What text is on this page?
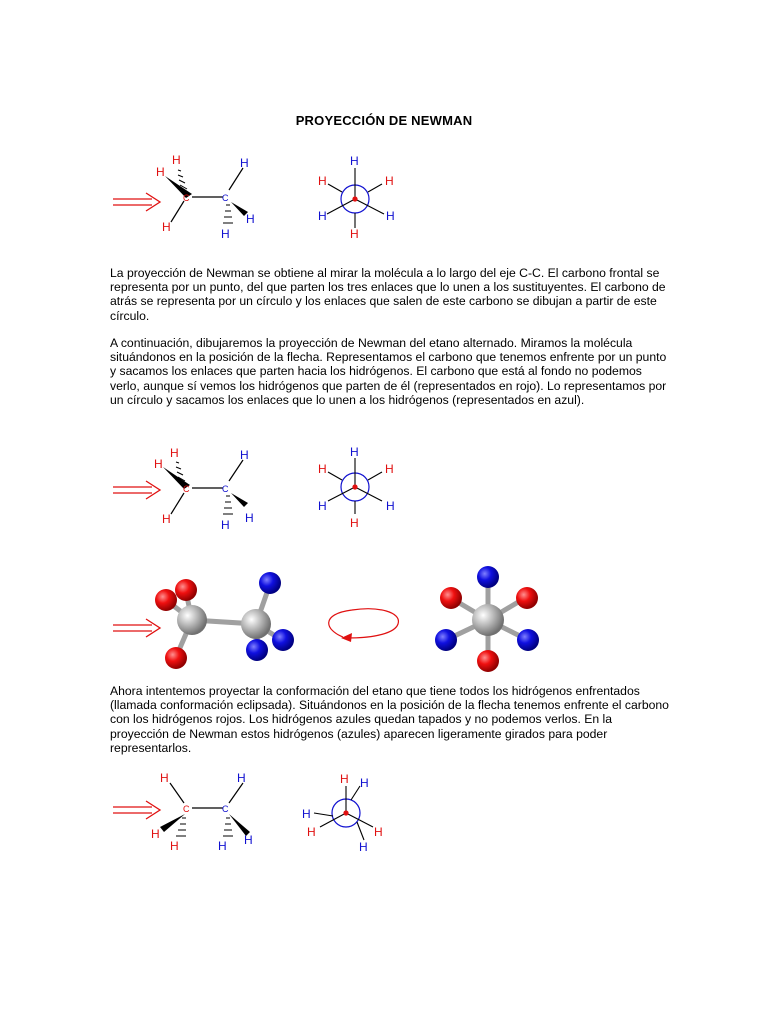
PROYECCIÓN DE NEWMAN
H
H
H
C	C
H
H
H
H
H	H
H	H
H

La proyección de Newman se obtiene al mirar la molécula a lo largo del eje C-C. El carbono frontal se representa por un punto, del que parten los tres enlaces que lo unen a los sustituyentes. El carbono de atrás se representa por un círculo y los enlaces que salen de este carbono se dibujan a partir de este círculo.

A continuación, dibujaremos la proyección de Newman del etano alternado. Miramos la molécula situándonos en la posición de la flecha. Representamos el carbono que tenemos enfrente por un punto y sacamos los enlaces que parten hacia los hidrógenos. El carbono que está al fondo no podemos verlo, aunque sí vemos los hidrógenos que parten de él (representados en rojo). Lo representamos por un círculo y sacamos los enlaces que lo unen a los hidrógenos (representados en azul).

H
H
H
C	C
H
H H
H
H	H
H	H
H

Ahora intentemos proyectar la conformación del etano que tiene todos los hidrógenos enfrentados (llamada conformación eclipsada). Situándonos en la posición de la flecha tenemos enfrente el carbono con los hidrógenos rojos. Los hidrógenos azules quedan tapados y no podemos verlos. En la proyección de Newman estos hidrógenos (azules) aparecen ligeramente girados para poder representarlos.

H
H
H
C	C
H
H H
H H
H
H	H
H
